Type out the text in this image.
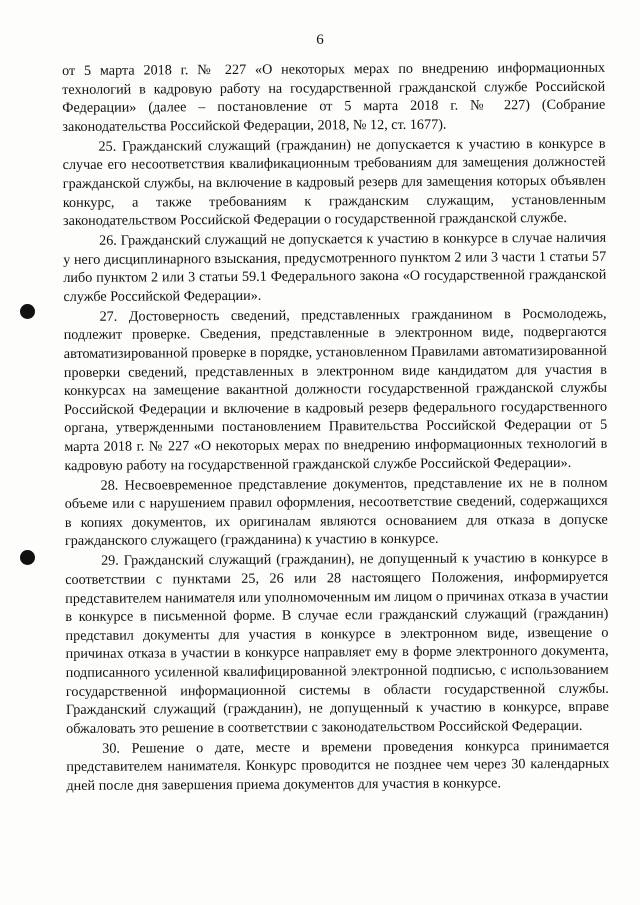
6

от 5 марта 2018 г. № 227 «О некоторых мерах по внедрению информационных технологий в кадровую работу на государственной гражданской службе Российской Федерации» (далее – постановление от 5 марта 2018 г. № 227) (Собрание законодательства Российской Федерации, 2018, № 12, ст. 1677).

25. Гражданский служащий (гражданин) не допускается к участию в конкурсе в случае его несоответствия квалификационным требованиям для замещения должностей гражданской службы, на включение в кадровый резерв для замещения которых объявлен конкурс, а также требованиям к гражданским служащим, установленным законодательством Российской Федерации о государственной гражданской службе.

26. Гражданский служащий не допускается к участию в конкурсе в случае наличия у него дисциплинарного взыскания, предусмотренного пунктом 2 или 3 части 1 статьи 57 либо пунктом 2 или 3 статьи 59.1 Федерального закона «О государственной гражданской службе Российской Федерации».

27. Достоверность сведений, представленных гражданином в Росмолодежь, подлежит проверке. Сведения, представленные в электронном виде, подвергаются автоматизированной проверке в порядке, установленном Правилами автоматизированной проверки сведений, представленных в электронном виде кандидатом для участия в конкурсах на замещение вакантной должности государственной гражданской службы Российской Федерации и включение в кадровый резерв федерального государственного органа, утвержденными постановлением Правительства Российской Федерации от 5 марта 2018 г. № 227 «О некоторых мерах по внедрению информационных технологий в кадровую работу на государственной гражданской службе Российской Федерации».

28. Несвоевременное представление документов, представление их не в полном объеме или с нарушением правил оформления, несоответствие сведений, содержащихся в копиях документов, их оригиналам являются основанием для отказа в допуске гражданского служащего (гражданина) к участию в конкурсе.

29. Гражданский служащий (гражданин), не допущенный к участию в конкурсе в соответствии с пунктами 25, 26 или 28 настоящего Положения, информируется представителем нанимателя или уполномоченным им лицом о причинах отказа в участии в конкурсе в письменной форме. В случае если гражданский служащий (гражданин) представил документы для участия в конкурсе в электронном виде, извещение о причинах отказа в участии в конкурсе направляет ему в форме электронного документа, подписанного усиленной квалифицированной электронной подписью, с использованием государственной информационной системы в области государственной службы. Гражданский служащий (гражданин), не допущенный к участию в конкурсе, вправе обжаловать это решение в соответствии с законодательством Российской Федерации.

30. Решение о дате, месте и времени проведения конкурса принимается представителем нанимателя. Конкурс проводится не позднее чем через 30 календарных дней после дня завершения приема документов для участия в конкурсе.
